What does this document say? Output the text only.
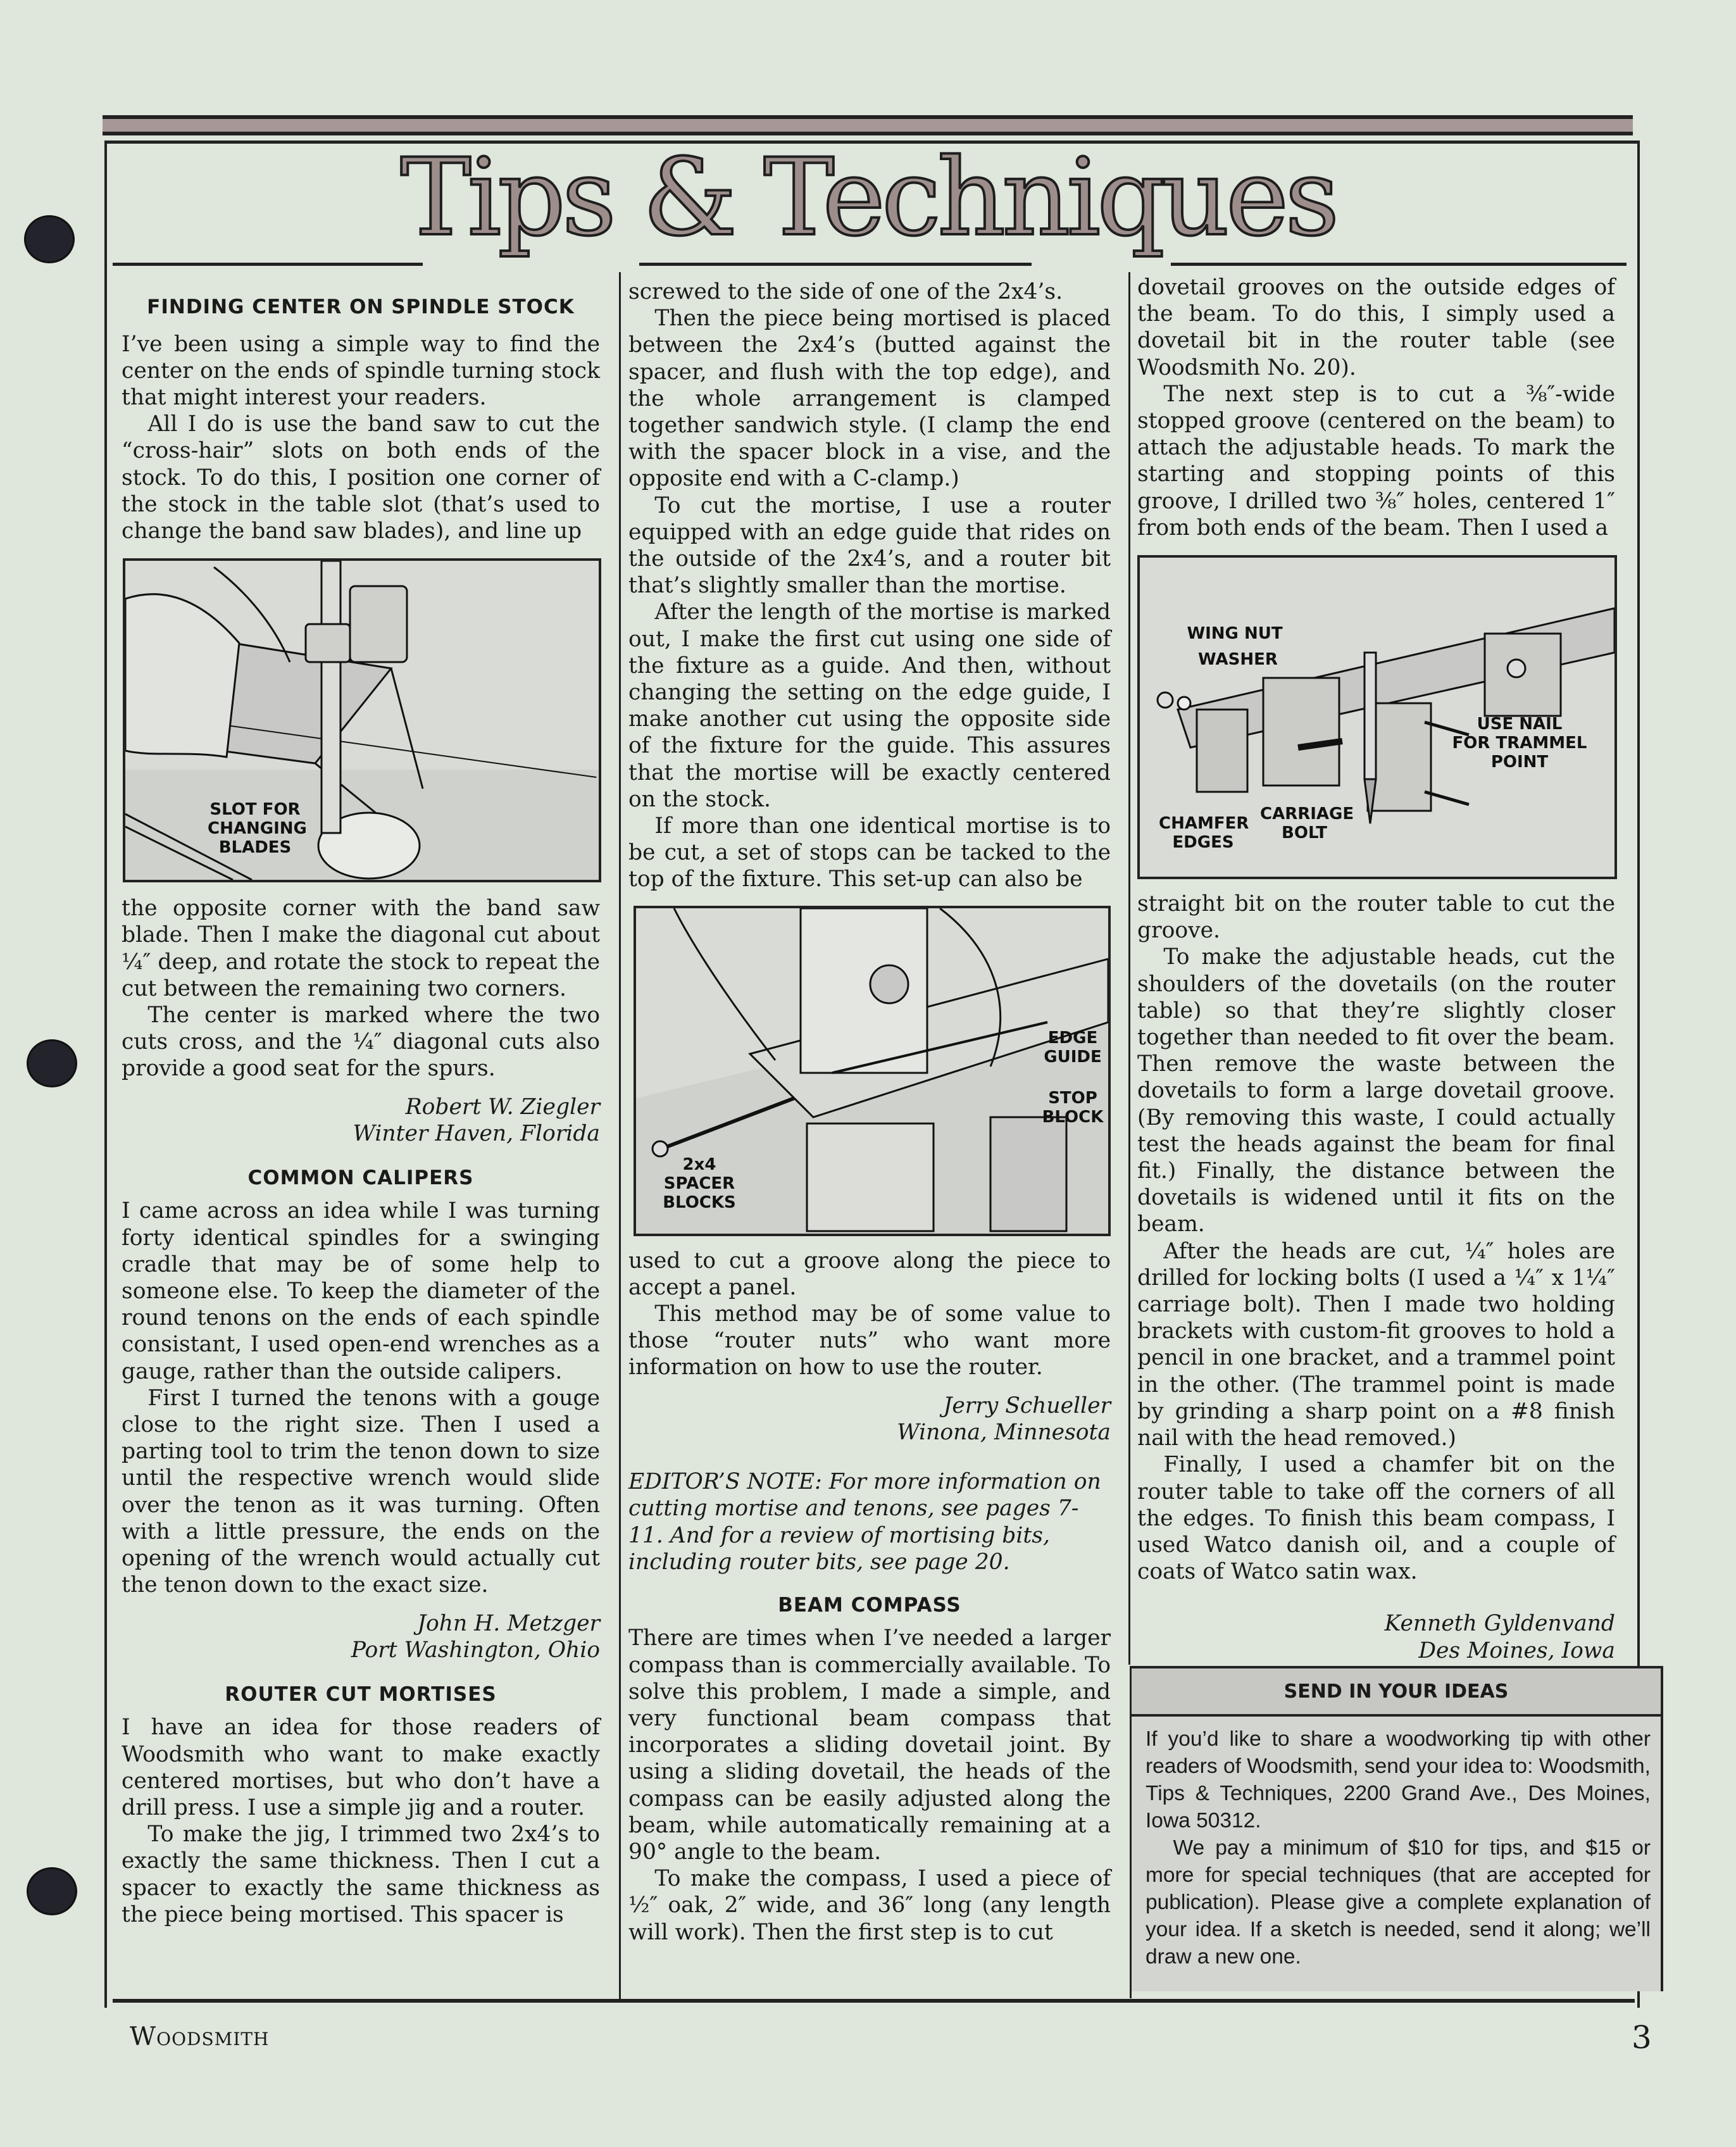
Tips & Techniques
FINDING CENTER ON SPINDLE STOCK

I’ve been using a simple way to find the center on the ends of spindle turning stock that might interest your readers.

All I do is use the band saw to cut the “cross-hair” slots on both ends of the stock. To do this, I position one corner of the stock in the table slot (that’s used to change the band saw blades), and line up

SLOT FOR
CHANGING
BLADES

the opposite corner with the band saw blade. Then I make the diagonal cut about ¼″ deep, and rotate the stock to repeat the cut between the remaining two corners.

The center is marked where the two cuts cross, and the ¼″ diagonal cuts also provide a good seat for the spurs.

Robert W. Ziegler

Winter Haven, Florida

COMMON CALIPERS

I came across an idea while I was turning forty identical spindles for a swinging cradle that may be of some help to someone else. To keep the diameter of the round tenons on the ends of each spindle consistant, I used open-end wrenches as a gauge, rather than the outside calipers.

First I turned the tenons with a gouge close to the right size. Then I used a parting tool to trim the tenon down to size until the respective wrench would slide over the tenon as it was turning. Often with a little pressure, the ends on the opening of the wrench would actually cut the tenon down to the exact size.

John H. Metzger

Port Washington, Ohio

ROUTER CUT MORTISES

I have an idea for those readers of Woodsmith who want to make exactly centered mortises, but who don’t have a drill press. I use a simple jig and a router.

To make the jig, I trimmed two 2x4’s to exactly the same thickness. Then I cut a spacer to exactly the same thickness as the piece being mortised. This spacer is

screwed to the side of one of the 2x4’s.

Then the piece being mortised is placed between the 2x4’s (butted against the spacer, and flush with the top edge), and the whole arrangement is clamped together sandwich style. (I clamp the end with the spacer block in a vise, and the opposite end with a C-clamp.)

To cut the mortise, I use a router equipped with an edge guide that rides on the outside of the 2x4’s, and a router bit that’s slightly smaller than the mortise.

After the length of the mortise is marked out, I make the first cut using one side of the fixture as a guide. And then, without changing the setting on the edge guide, I make another cut using the opposite side of the fixture for the guide. This assures that the mortise will be exactly centered on the stock.

If more than one identical mortise is to be cut, a set of stops can be tacked to the top of the fixture. This set-up can also be

EDGE
GUIDE
STOP
BLOCK
2x4
SPACER
BLOCKS

used to cut a groove along the piece to accept a panel.

This method may be of some value to those “router nuts” who want more information on how to use the router.

Jerry Schueller

Winona, Minnesota

EDITOR’S NOTE: For more information on cutting mortise and tenons, see pages 7-11. And for a review of mortising bits, including router bits, see page 20.

BEAM COMPASS

There are times when I’ve needed a larger compass than is commercially available. To solve this problem, I made a simple, and very functional beam compass that incorporates a sliding dovetail joint. By using a sliding dovetail, the heads of the compass can be easily adjusted along the beam, while automatically remaining at a 90° angle to the beam.

To make the compass, I used a piece of ½″ oak, 2″ wide, and 36″ long (any length will work). Then the first step is to cut

dovetail grooves on the outside edges of the beam. To do this, I simply used a dovetail bit in the router table (see Woodsmith No. 20).

The next step is to cut a ⅜″-wide stopped groove (centered on the beam) to attach the adjustable heads. To mark the starting and stopping points of this groove, I drilled two ⅜″ holes, centered 1″ from both ends of the beam. Then I used a

WING NUT
WASHER
USE NAIL
FOR TRAMMEL
POINT
CHAMFER
EDGES
CARRIAGE
BOLT

straight bit on the router table to cut the groove.

To make the adjustable heads, cut the shoulders of the dovetails (on the router table) so that they’re slightly closer together than needed to fit over the beam. Then remove the waste between the dovetails to form a large dovetail groove. (By removing this waste, I could actually test the heads against the beam for final fit.) Finally, the distance between the dovetails is widened until it fits on the beam.

After the heads are cut, ¼″ holes are drilled for locking bolts (I used a ¼″ x 1¼″ carriage bolt). Then I made two holding brackets with custom-fit grooves to hold a pencil in one bracket, and a trammel point in the other. (The trammel point is made by grinding a sharp point on a #8 finish nail with the head removed.)

Finally, I used a chamfer bit on the router table to take off the corners of all the edges. To finish this beam compass, I used Watco danish oil, and a couple of coats of Watco satin wax.

Kenneth Gyldenvand

Des Moines, Iowa

SEND IN YOUR IDEAS

If you’d like to share a woodworking tip with other readers of Woodsmith, send your idea to: Woodsmith, Tips & Techniques, 2200 Grand Ave., Des Moines, Iowa 50312.

We pay a minimum of $10 for tips, and $15 or more for special techniques (that are accepted for publication). Please give a complete explanation of your idea. If a sketch is needed, send it along; we’ll draw a new one.

Woodsmith	3
